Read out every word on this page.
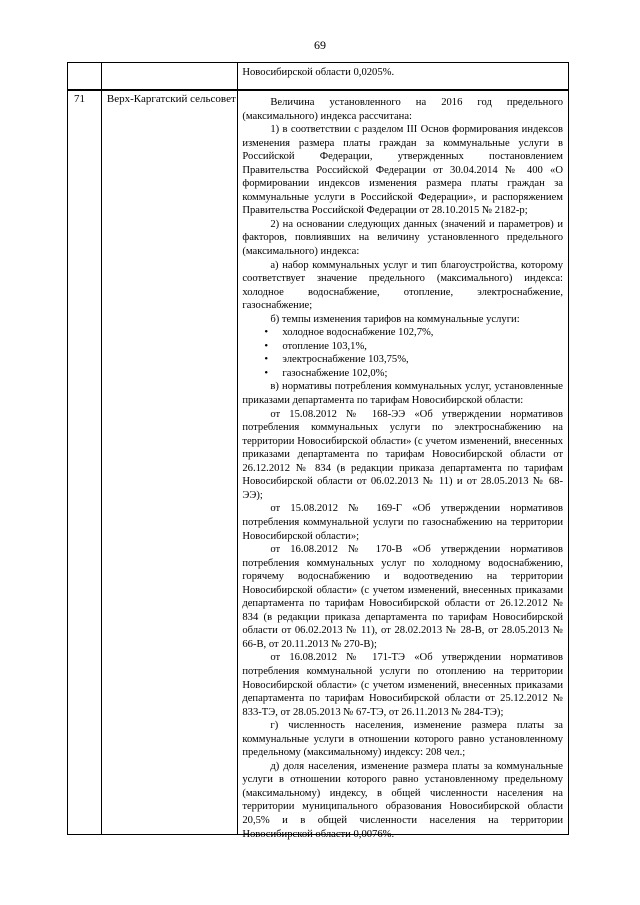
69

Новосибирской области 0,0205%.

71	Верх-Каргатский сельсовет	Величина установленного на 2016 год предельного (максимального) индекса рассчитана:

1) в соответствии с разделом III Основ формирования индексов изменения размера платы граждан за коммунальные услуги в Российской Федерации, утвержденных постановлением Правительства Российской Федерации от 30.04.2014 № 400 «О формировании индексов изменения размера платы граждан за коммунальные услуги в Российской Федерации», и распоряжением Правительства Российской Федерации от 28.10.2015 № 2182-р;

2) на основании следующих данных (значений и параметров) и факторов, повлиявших на величину установленного предельного (максимального) индекса:

а) набор коммунальных услуг и тип благоустройства, которому соответствует значение предельного (максимального) индекса: холодное водоснабжение, отопление, электроснабжение, газоснабжение;

б) темпы изменения тарифов на коммунальные услуги:

• холодное водоснабжение 102,7%,
• отопление 103,1%,
• электроснабжение 103,75%,
• газоснабжение 102,0%;

в) нормативы потребления коммунальных услуг, установленные приказами департамента по тарифам Новосибирской области:

от 15.08.2012 № 168-ЭЭ «Об утверждении нормативов потребления коммунальных услуги по электроснабжению на территории Новосибирской области» (с учетом изменений, внесенных приказами департамента по тарифам Новосибирской области от 26.12.2012 № 834 (в редакции приказа департамента по тарифам Новосибирской области от 06.02.2013 № 11) и от 28.05.2013 № 68-ЭЭ);

от 15.08.2012 № 169-Г «Об утверждении нормативов потребления коммунальной услуги по газоснабжению на территории Новосибирской области»;

от 16.08.2012 № 170-В «Об утверждении нормативов потребления коммунальных услуг по холодному водоснабжению, горячему водоснабжению и водоотведению на территории Новосибирской области» (с учетом изменений, внесенных приказами департамента по тарифам Новосибирской области от 26.12.2012 № 834 (в редакции приказа департамента по тарифам Новосибирской области от 06.02.2013 № 11), от 28.02.2013 № 28-В, от 28.05.2013 № 66-В, от 20.11.2013 № 270-В);

от 16.08.2012 № 171-ТЭ «Об утверждении нормативов потребления коммунальной услуги по отоплению на территории Новосибирской области» (с учетом изменений, внесенных приказами департамента по тарифам Новосибирской области от 25.12.2012 № 833-ТЭ, от 28.05.2013 № 67-ТЭ, от 26.11.2013 № 284-ТЭ);

г) численность населения, изменение размера платы за коммунальные услуги в отношении которого равно установленному предельному (максимальному) индексу: 208 чел.;

д) доля населения, изменение размера платы за коммунальные услуги в отношении которого равно установленному предельному (максимальному) индексу, в общей численности населения на территории муниципального образования Новосибирской области 20,5% и в общей численности населения на территории Новосибирской области 0,0076%.
